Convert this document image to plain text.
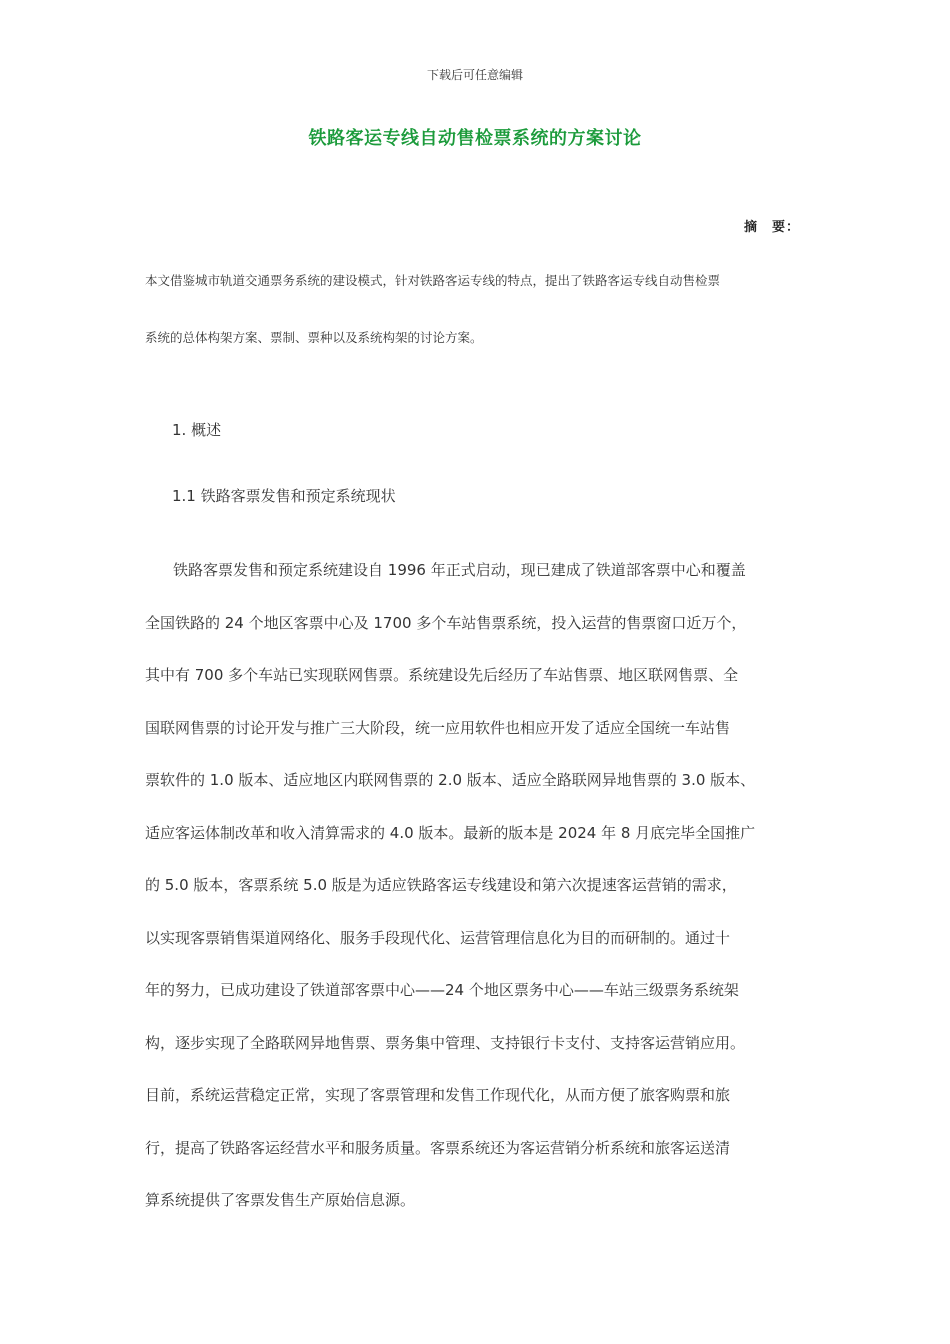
下载后可任意编辑
铁路客运专线自动售检票系统的方案讨论
摘　要：

本文借鉴城市轨道交通票务系统的建设模式，针对铁路客运专线的特点，提出了铁路客运专线自动售检票

系统的总体构架方案、票制、票种以及系统构架的讨论方案。

1. 概述
1.1 铁路客票发售和预定系统现状
铁路客票发售和预定系统建设自 1996 年正式启动，现已建成了铁道部客票中心和覆盖
全国铁路的 24 个地区客票中心及 1700 多个车站售票系统，投入运营的售票窗口近万个，
其中有 700 多个车站已实现联网售票。系统建设先后经历了车站售票、地区联网售票、全
国联网售票的讨论开发与推广三大阶段，统一应用软件也相应开发了适应全国统一车站售
票软件的 1.0 版本、适应地区内联网售票的 2.0 版本、适应全路联网异地售票的 3.0 版本、
适应客运体制改革和收入清算需求的 4.0 版本。最新的版本是 2024 年 8 月底完毕全国推广
的 5.0 版本，客票系统 5.0 版是为适应铁路客运专线建设和第六次提速客运营销的需求，
以实现客票销售渠道网络化、服务手段现代化、运营管理信息化为目的而研制的。通过十
年的努力，已成功建设了铁道部客票中心——24 个地区票务中心——车站三级票务系统架
构，逐步实现了全路联网异地售票、票务集中管理、支持银行卡支付、支持客运营销应用。
目前，系统运营稳定正常，实现了客票管理和发售工作现代化，从而方便了旅客购票和旅
行，提高了铁路客运经营水平和服务质量。客票系统还为客运营销分析系统和旅客运送清
算系统提供了客票发售生产原始信息源。
